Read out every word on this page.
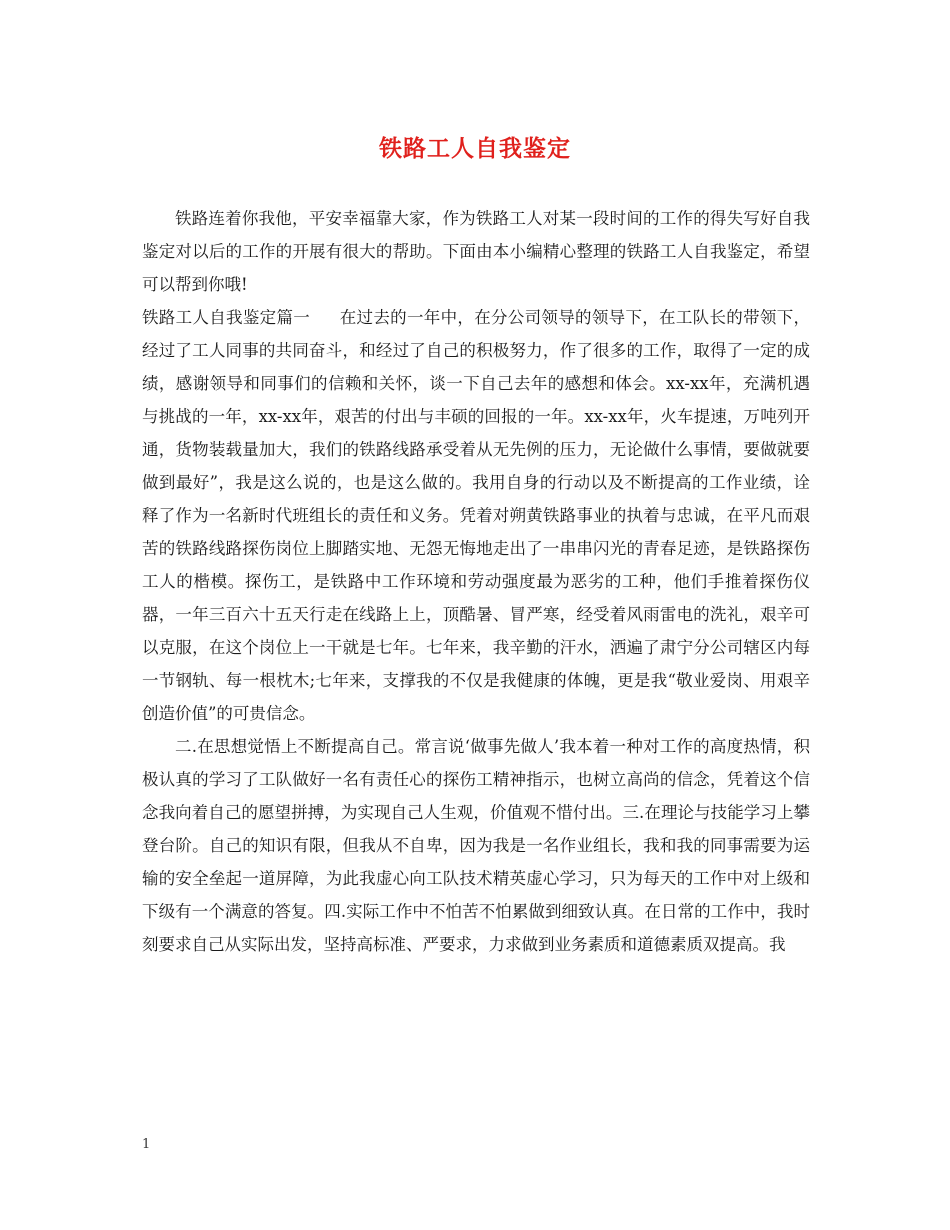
铁路工人自我鉴定

铁路连着你我他，平安幸福靠大家，作为铁路工人对某一段时间的工作的得失写好自我鉴定对以后的工作的开展有很大的帮助。下面由本小编精心整理的铁路工人自我鉴定，希望可以帮到你哦!

铁路工人自我鉴定篇一 在过去的一年中，在分公司领导的领导下，在工队长的带领下，经过了工人同事的共同奋斗，和经过了自己的积极努力，作了很多的工作，取得了一定的成绩，感谢领导和同事们的信赖和关怀，谈一下自己去年的感想和体会。xx-xx年，充满机遇与挑战的一年，xx-xx年，艰苦的付出与丰硕的回报的一年。xx-xx年，火车提速，万吨列开通，货物装载量加大，我们的铁路线路承受着从无先例的压力，无论做什么事情，要做就要做到最好”，我是这么说的，也是这么做的。我用自身的行动以及不断提高的工作业绩，诠释了作为一名新时代班组长的责任和义务。凭着对朔黄铁路事业的执着与忠诚，在平凡而艰苦的铁路线路探伤岗位上脚踏实地、无怨无悔地走出了一串串闪光的青春足迹，是铁路探伤工人的楷模。探伤工，是铁路中工作环境和劳动强度最为恶劣的工种，他们手推着探伤仪器，一年三百六十五天行走在线路上上，顶酷暑、冒严寒，经受着风雨雷电的洗礼，艰辛可以克服，在这个岗位上一干就是七年。七年来，我辛勤的汗水，洒遍了肃宁分公司辖区内每一节钢轨、每一根枕木;七年来，支撑我的不仅是我健康的体魄，更是我“敬业爱岗、用艰辛创造价值”的可贵信念。

二.在思想觉悟上不断提高自己。常言说‘做事先做人’我本着一种对工作的高度热情，积极认真的学习了工队做好一名有责任心的探伤工精神指示，也树立高尚的信念，凭着这个信念我向着自己的愿望拼搏，为实现自己人生观，价值观不惜付出。三.在理论与技能学习上攀登台阶。自己的知识有限，但我从不自卑，因为我是一名作业组长，我和我的同事需要为运输的安全垒起一道屏障，为此我虚心向工队技术精英虚心学习，只为每天的工作中对上级和下级有一个满意的答复。四.实际工作中不怕苦不怕累做到细致认真。在日常的工作中，我时刻要求自己从实际出发，坚持高标准、严要求，力求做到业务素质和道德素质双提高。我

1
